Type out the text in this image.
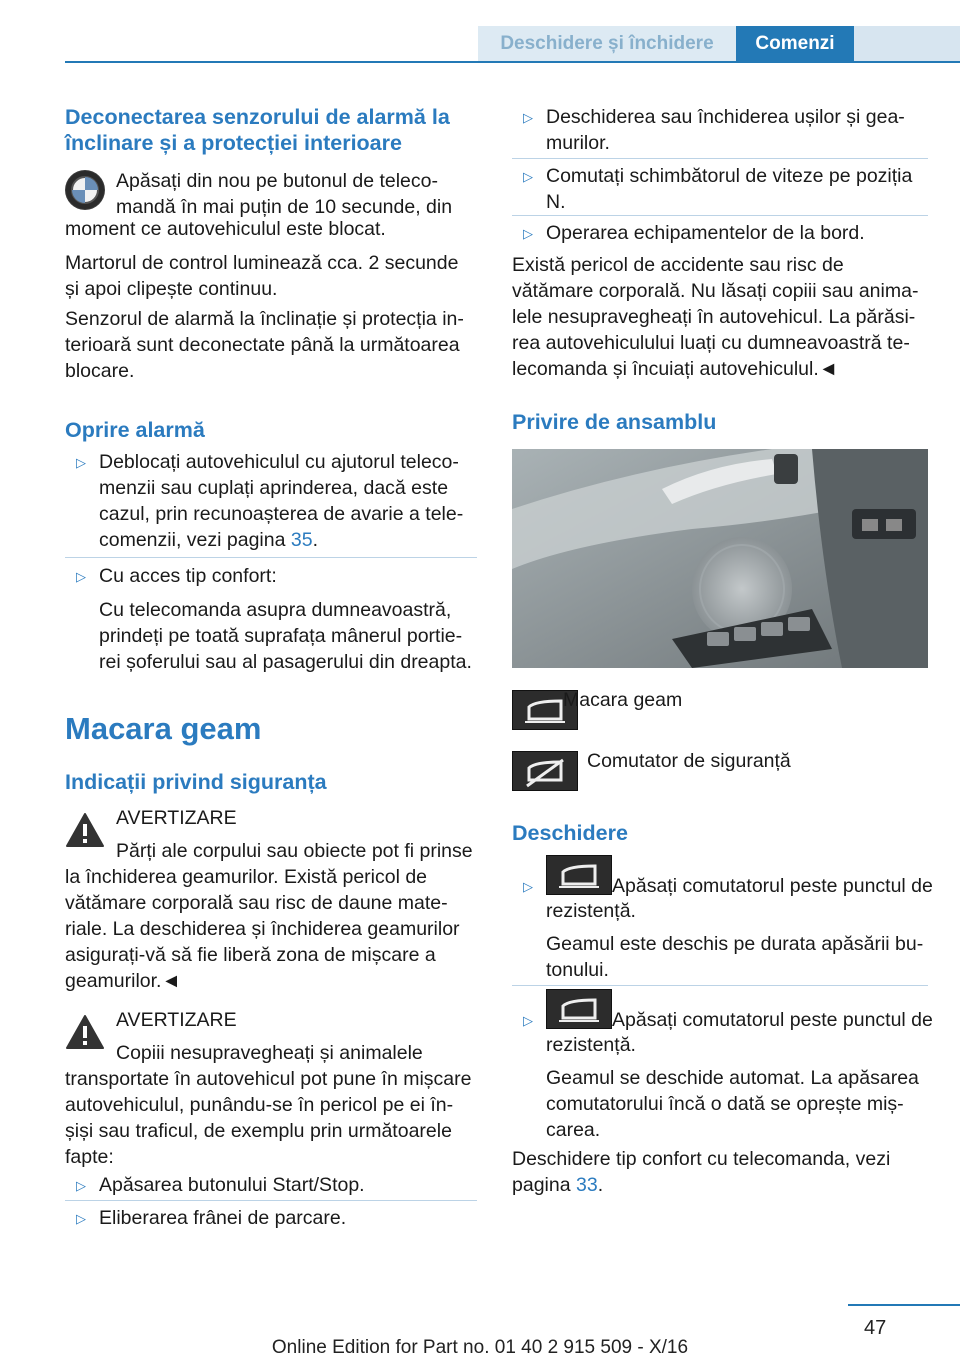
Deschidere și închidere	Comenzi
Deconectarea senzorului de alarmă la
înclinare și a protecției interioare
Apăsați din nou pe butonul de teleco-
mandă în mai puțin de 10 secunde, din
moment ce autovehiculul este blocat.
Martorul de control luminează cca. 2 secunde
și apoi clipește continuu.
Senzorul de alarmă la înclinație și protecția in-
terioară sunt deconectate până la următoarea
blocare.
Oprire alarmă
▷ Deblocați autovehiculul cu ajutorul teleco-
menzii sau cuplați aprinderea, dacă este
cazul, prin recunoașterea de avarie a tele-
comenzii, vezi pagina 35.
▷ Cu acces tip confort:
Cu telecomanda asupra dumneavoastră,
prindeți pe toată suprafața mânerul portie-
rei șoferului sau al pasagerului din dreapta.
Macara geam
Indicații privind siguranța
AVERTIZARE
Părți ale corpului sau obiecte pot fi prinse
la închiderea geamurilor. Există pericol de
vătămare corporală sau risc de daune mate-
riale. La deschiderea și închiderea geamurilor
asigurați-vă să fie liberă zona de mișcare a
geamurilor.◄
AVERTIZARE
Copiii nesupravegheați și animalele
transportate în autovehicul pot pune în mișcare
autovehiculul, punându-se în pericol pe ei în-
șiși sau traficul, de exemplu prin următoarele
fapte:
▷ Apăsarea butonului Start/Stop.
▷ Eliberarea frânei de parcare.
▷ Deschiderea sau închiderea ușilor și gea-
murilor.
▷ Comutați schimbătorul de viteze pe poziția
N.
▷ Operarea echipamentelor de la bord.
Există pericol de accidente sau risc de
vătămare corporală. Nu lăsați copiii sau anima-
lele nesupravegheați în autovehicul. La părăsi-
rea autovehiculului luați cu dumneavoastră te-
lecomanda și încuiați autovehiculul.◄
Privire de ansamblu
Macara geam
Comutator de siguranță
Deschidere
▷	Apăsați comutatorul peste punctul de
rezistență.
Geamul este deschis pe durata apăsării bu-
tonului.
▷	Apăsați comutatorul peste punctul de
rezistență.
Geamul se deschide automat. La apăsarea
comutatorului încă o dată se oprește miș-
carea.
Deschidere tip confort cu telecomanda, vezi
pagina 33.
47
Online Edition for Part no. 01 40 2 915 509 - X/16
